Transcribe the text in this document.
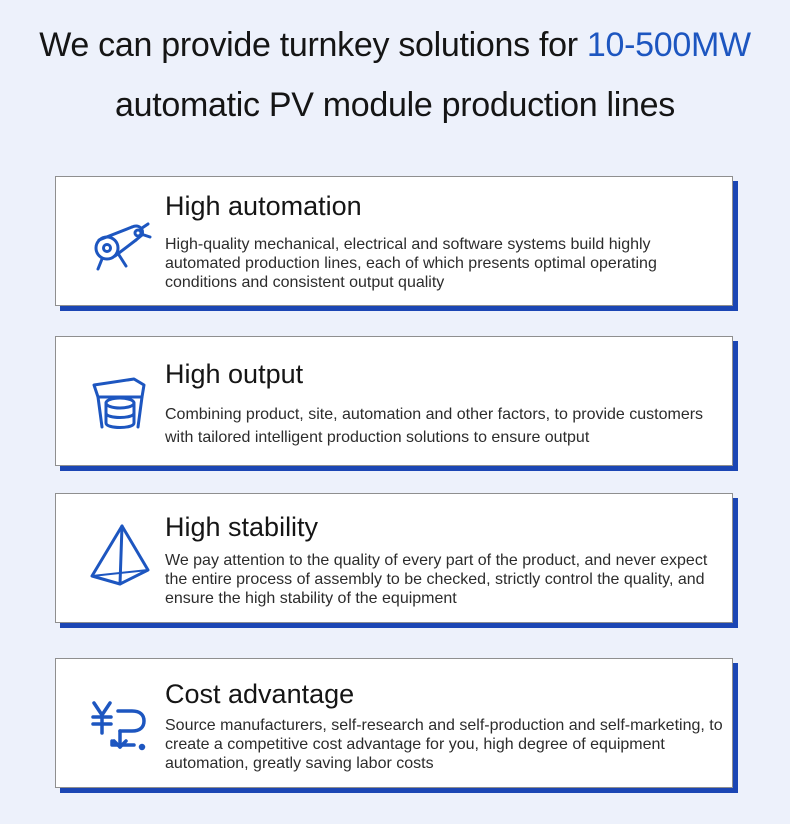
We can provide turnkey solutions for 10-500MW
automatic PV module production lines
High automation
High-quality mechanical, electrical and software systems build highly automated production lines, each of which presents optimal operating conditions and consistent output quality
High output
Combining product, site, automation and other factors, to provide customers with tailored intelligent production solutions to ensure output
High stability
We pay attention to the quality of every part of the product, and never expect the entire process of assembly to be checked, strictly control the quality, and ensure the high stability of the equipment
Cost advantage
Source manufacturers, self-research and self-production and self-marketing, to create a competitive cost advantage for you, high degree of equipment automation, greatly saving labor costs
